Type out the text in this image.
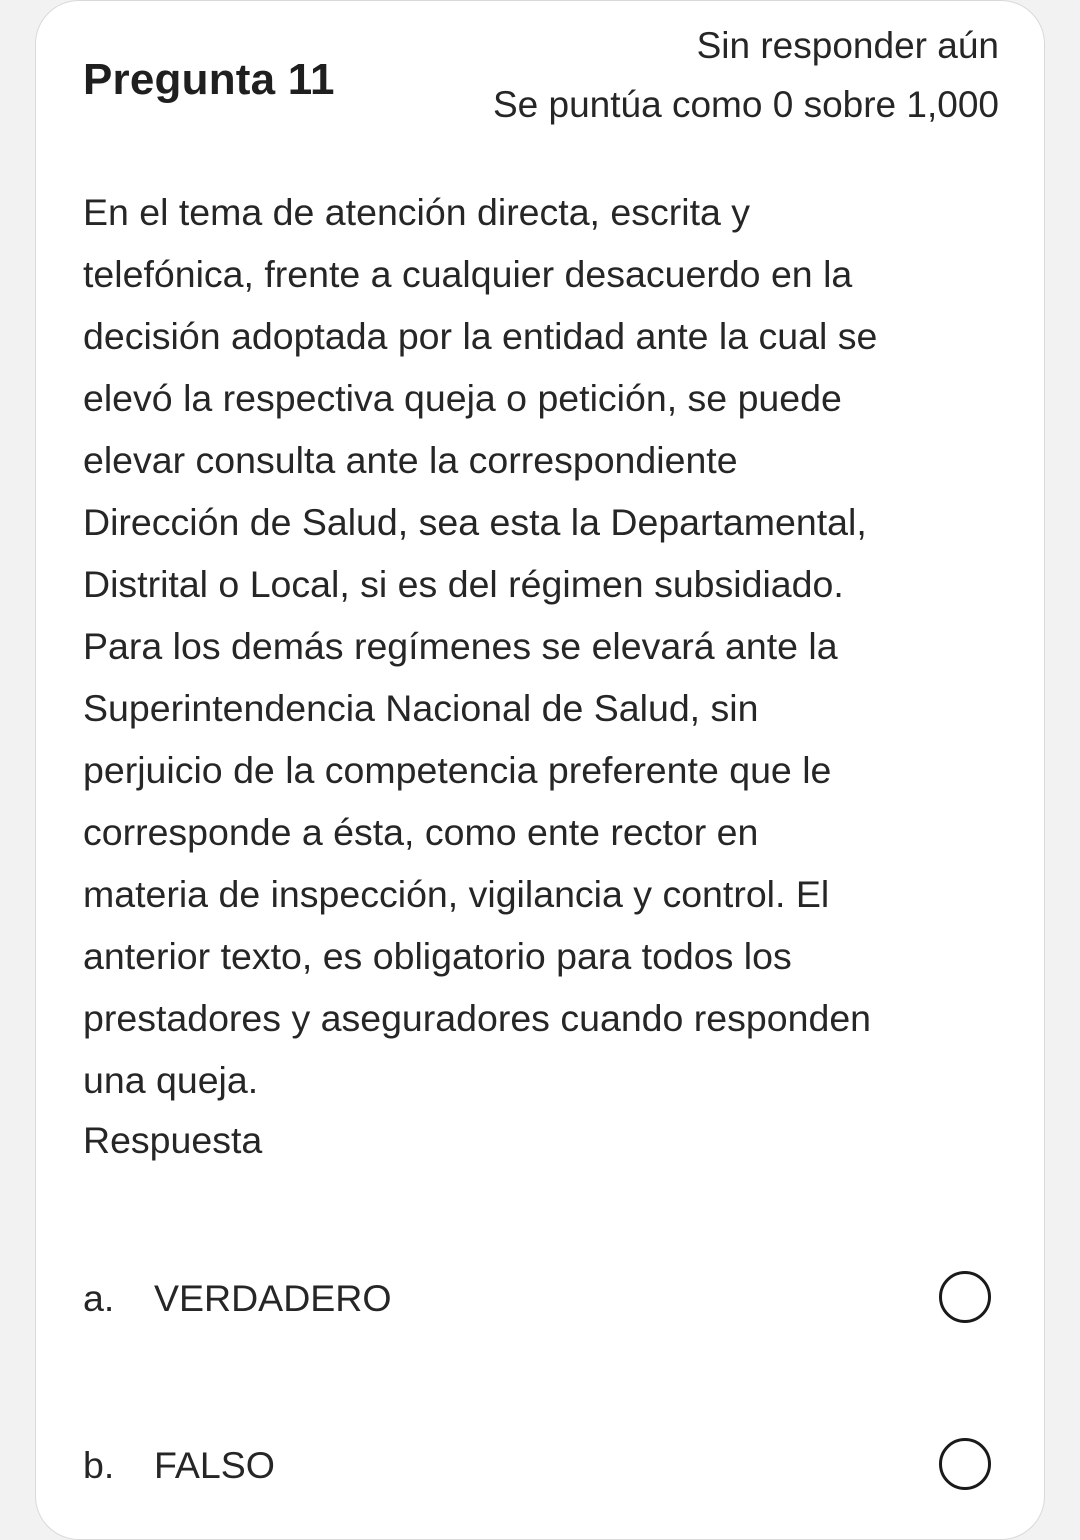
Pregunta 11
Sin responder aún
Se puntúa como 0 sobre 1,000
En el tema de atención directa, escrita y
telefónica, frente a cualquier desacuerdo en la
decisión adoptada por la entidad ante la cual se
elevó la respectiva queja o petición, se puede
elevar consulta ante la correspondiente
Dirección de Salud, sea esta la Departamental,
Distrital o Local, si es del régimen subsidiado.
Para los demás regímenes se elevará ante la
Superintendencia Nacional de Salud, sin
perjuicio de la competencia preferente que le
corresponde a ésta, como ente rector en
materia de inspección, vigilancia y control. El
anterior texto, es obligatorio para todos los
prestadores y aseguradores cuando responden
una queja.
Respuesta
a. VERDADERO
b. FALSO
